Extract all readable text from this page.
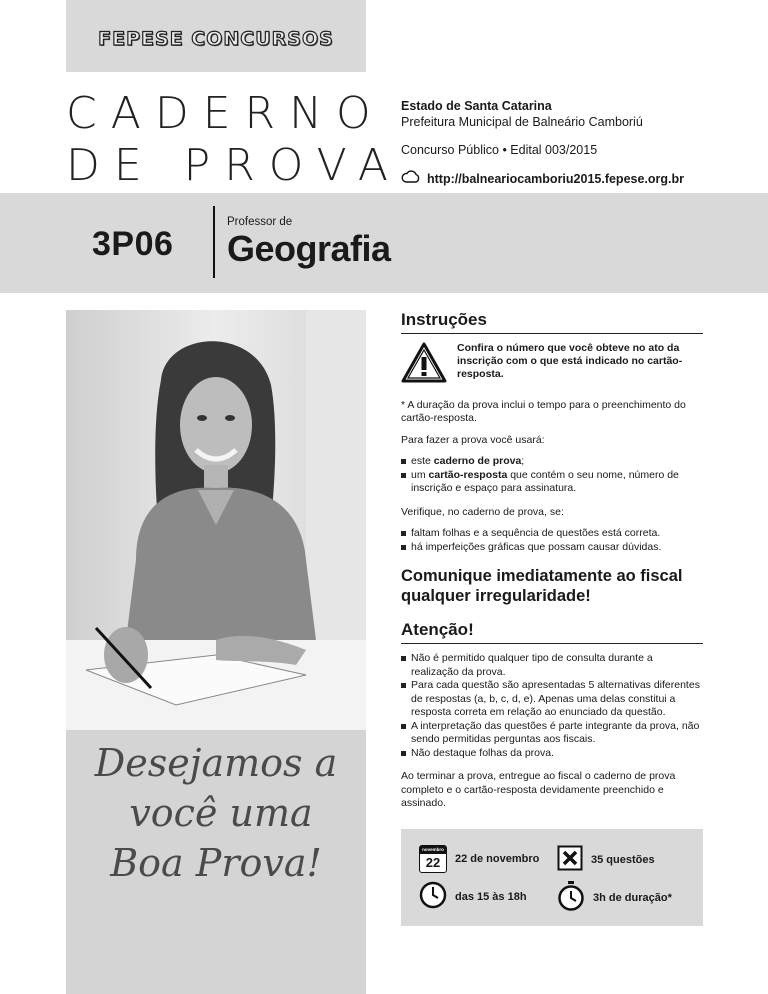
FEPESE CONCURSOS
CADERNO
DE PROVA
Estado de Santa Catarina
Prefeitura Municipal de Balneário Camboriú
Concurso Público • Edital 003/2015
http://balneariocamboriu2015.fepese.org.br
3P06
Professor de
Geografia
Desejamos a
você uma
Boa Prova!
Instruções
Confira o número que você obteve no ato da inscrição com o que está indicado no cartão-resposta.

* A duração da prova inclui o tempo para o preenchimento do cartão-resposta.

Para fazer a prova você usará:

este caderno de prova;
um cartão-resposta que contém o seu nome, número de inscrição e espaço para assinatura.

Verifique, no caderno de prova, se:

faltam folhas e a sequência de questões está correta.
há imperfeições gráficas que possam causar dúvidas.
Comunique imediatamente ao fiscal qualquer irregularidade!
Atenção!
Não é permitido qualquer tipo de consulta durante a realização da prova.
Para cada questão são apresentadas 5 alternativas diferentes de respostas (a, b, c, d, e). Apenas uma delas constitui a resposta correta em relação ao enunciado da questão.
A interpretação das questões é parte integrante da prova, não sendo permitidas perguntas aos fiscais.
Não destaque folhas da prova.

Ao terminar a prova, entregue ao fiscal o caderno de prova completo e o cartão-resposta devidamente preenchido e assinado.

novembro
22	22 de novembro	35 questões
das 15 às 18h	3h de duração*
